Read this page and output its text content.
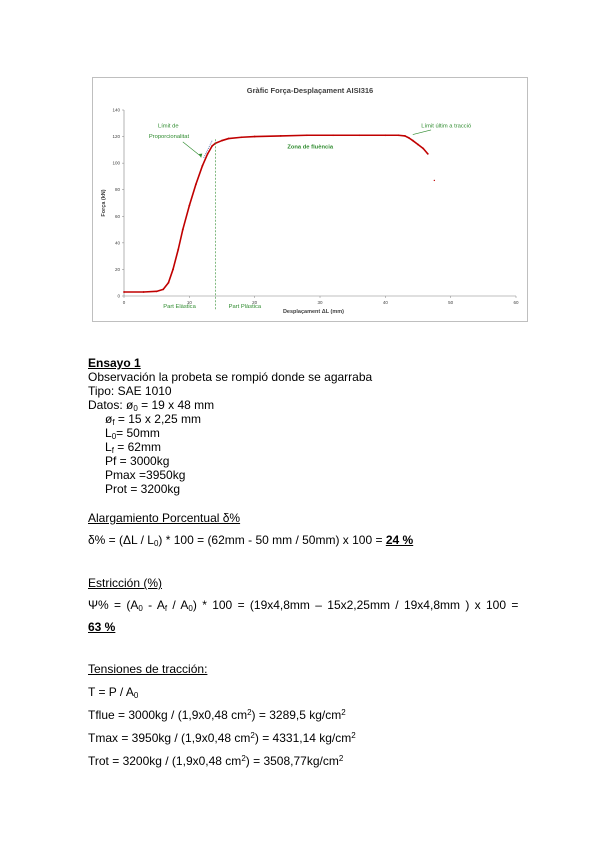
Gràfic Força-Desplaçament AISI316
0	10	20	30	40	50	60
0
20
40
60
80
100
120
140
Força (kN)
Desplaçament ΔL (mm)
Límit de
Proporcionalitat
Límit últim a tracció
Zona de fluència
Part Elàstica	Part Plàstica
Ensayo 1
Observación la probeta se rompió donde se agarraba
Tipo: SAE 1010
Datos: $ø_0 = 19$ x 48 mm
$ø_f = 15$ x 2,25 mm
$L_0= 50mm$
$L_f = 62mm$
Pf = 3000kg
Pmax =3950kg
Prot = 3200kg
Alargamiento Porcentual δ%
$\delta\% = (\Delta L / L_0) * 100 = (62mm - 50$ mm / 50mm) x 100 = 24 %
Estricción (%)
$\Psi\% = (A_0 - A_f / A_0) * 100 = (19x4,8mm - 15x2,25mm / 19x4,8mm$ ) x 100 =
63 %
Tensiones de tracción:
$T = P / A_0$
Tflue = 3000kg / (1,9x0,48 $cm^2) = 3289,5$ $kg/cm^2$
Tmax = 3950kg / (1,9x0,48 $cm^2) = 4331,14$ $kg/cm^2$
Trot = 3200kg / (1,9x0,48 $cm^2) = 3508,77kg/cm^2$
